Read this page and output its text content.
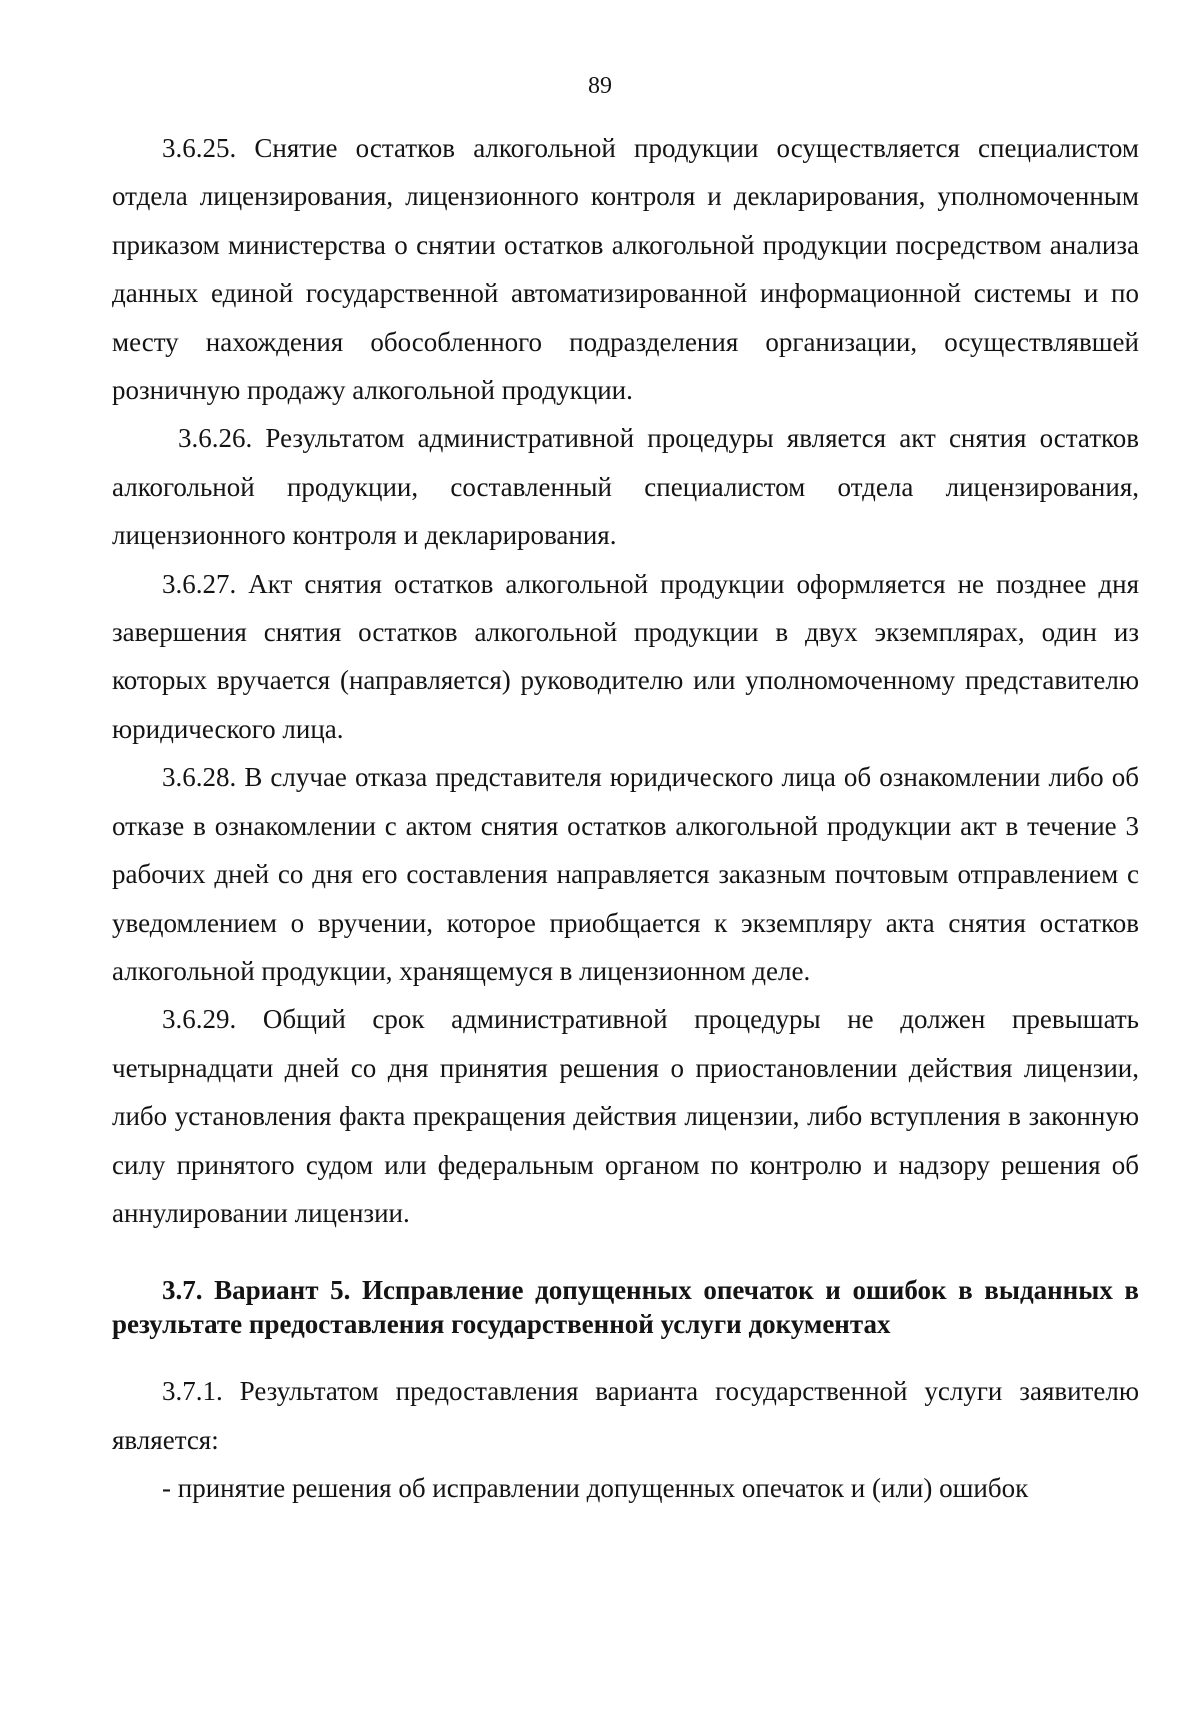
89

3.6.25. Снятие остатков алкогольной продукции осуществляется специалистом отдела лицензирования, лицензионного контроля и декларирования, уполномоченным приказом министерства о снятии остатков алкогольной продукции посредством анализа данных единой государственной автоматизированной информационной системы и по месту нахождения обособленного подразделения организации, осуществлявшей розничную продажу алкогольной продукции.

3.6.26. Результатом административной процедуры является акт снятия остатков алкогольной продукции, составленный специалистом отдела лицензирования, лицензионного контроля и декларирования.

3.6.27. Акт снятия остатков алкогольной продукции оформляется не позднее дня завершения снятия остатков алкогольной продукции в двух экземплярах, один из которых вручается (направляется) руководителю или уполномоченному представителю юридического лица.

3.6.28. В случае отказа представителя юридического лица об ознакомлении либо об отказе в ознакомлении с актом снятия остатков алкогольной продукции акт в течение 3 рабочих дней со дня его составления направляется заказным почтовым отправлением с уведомлением о вручении, которое приобщается к экземпляру акта снятия остатков алкогольной продукции, хранящемуся в лицензионном деле.

3.6.29. Общий срок административной процедуры не должен превышать четырнадцати дней со дня принятия решения о приостановлении действия лицензии, либо установления факта прекращения действия лицензии, либо вступления в законную силу принятого судом или федеральным органом по контролю и надзору решения об аннулировании лицензии.

3.7. Вариант 5. Исправление допущенных опечаток и ошибок в выданных в результате предоставления государственной услуги документах

3.7.1. Результатом предоставления варианта государственной услуги заявителю является:

- принятие решения об исправлении допущенных опечаток и (или) ошибок
